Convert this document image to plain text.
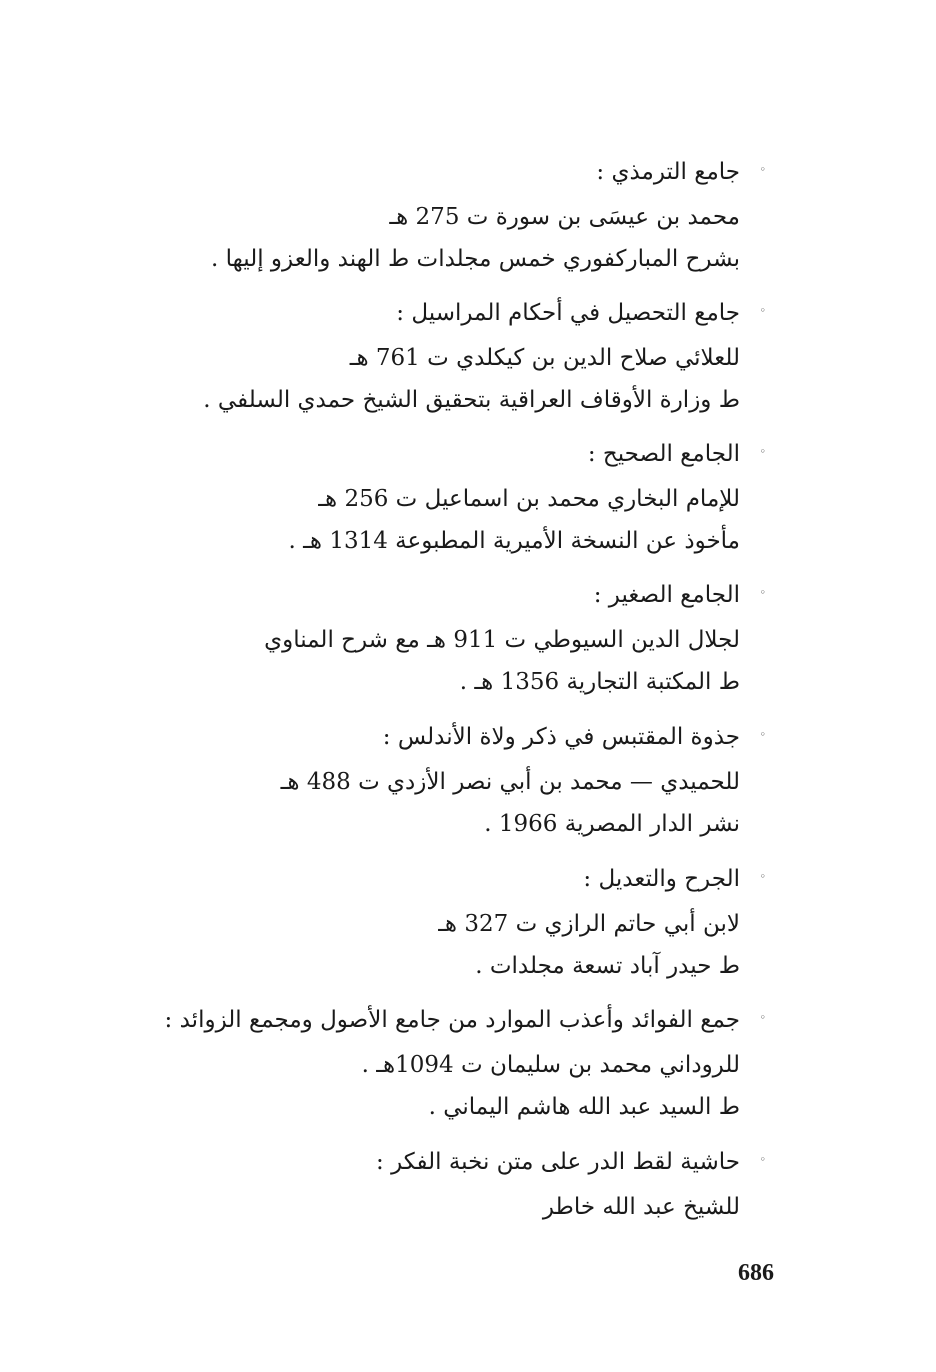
◦
جامع الترمذي :
محمد بن عيسَى بن سورة ت 275 هـ
بشرح المباركفوري خمس مجلدات ط الهند والعزو إليها .
◦
جامع التحصيل في أحكام المراسيل :
للعلائي صلاح الدين بن كيكلدي ت 761 هـ
ط وزارة الأوقاف العراقية بتحقيق الشيخ حمدي السلفي .
◦
الجامع الصحيح :
للإمام البخاري محمد بن اسماعيل ت 256 هـ
مأخوذ عن النسخة الأميرية المطبوعة 1314 هـ .
◦
الجامع الصغير :
لجلال الدين السيوطي ت 911 هـ مع شرح المناوي
ط المكتبة التجارية 1356 هـ .
◦
جذوة المقتبس في ذكر ولاة الأندلس :
للحميدي — محمد بن أبي نصر الأزدي ت 488 هـ
نشر الدار المصرية 1966 .
◦
الجرح والتعديل :
لابن أبي حاتم الرازي ت 327 هـ
ط حيدر آباد تسعة مجلدات .
◦
جمع الفوائد وأعذب الموارد من جامع الأصول ومجمع الزوائد :
للروداني محمد بن سليمان ت 1094هـ .
ط السيد عبد الله هاشم اليماني .
◦
حاشية لقط الدر على متن نخبة الفكر :
للشيخ عبد الله خاطر
686
